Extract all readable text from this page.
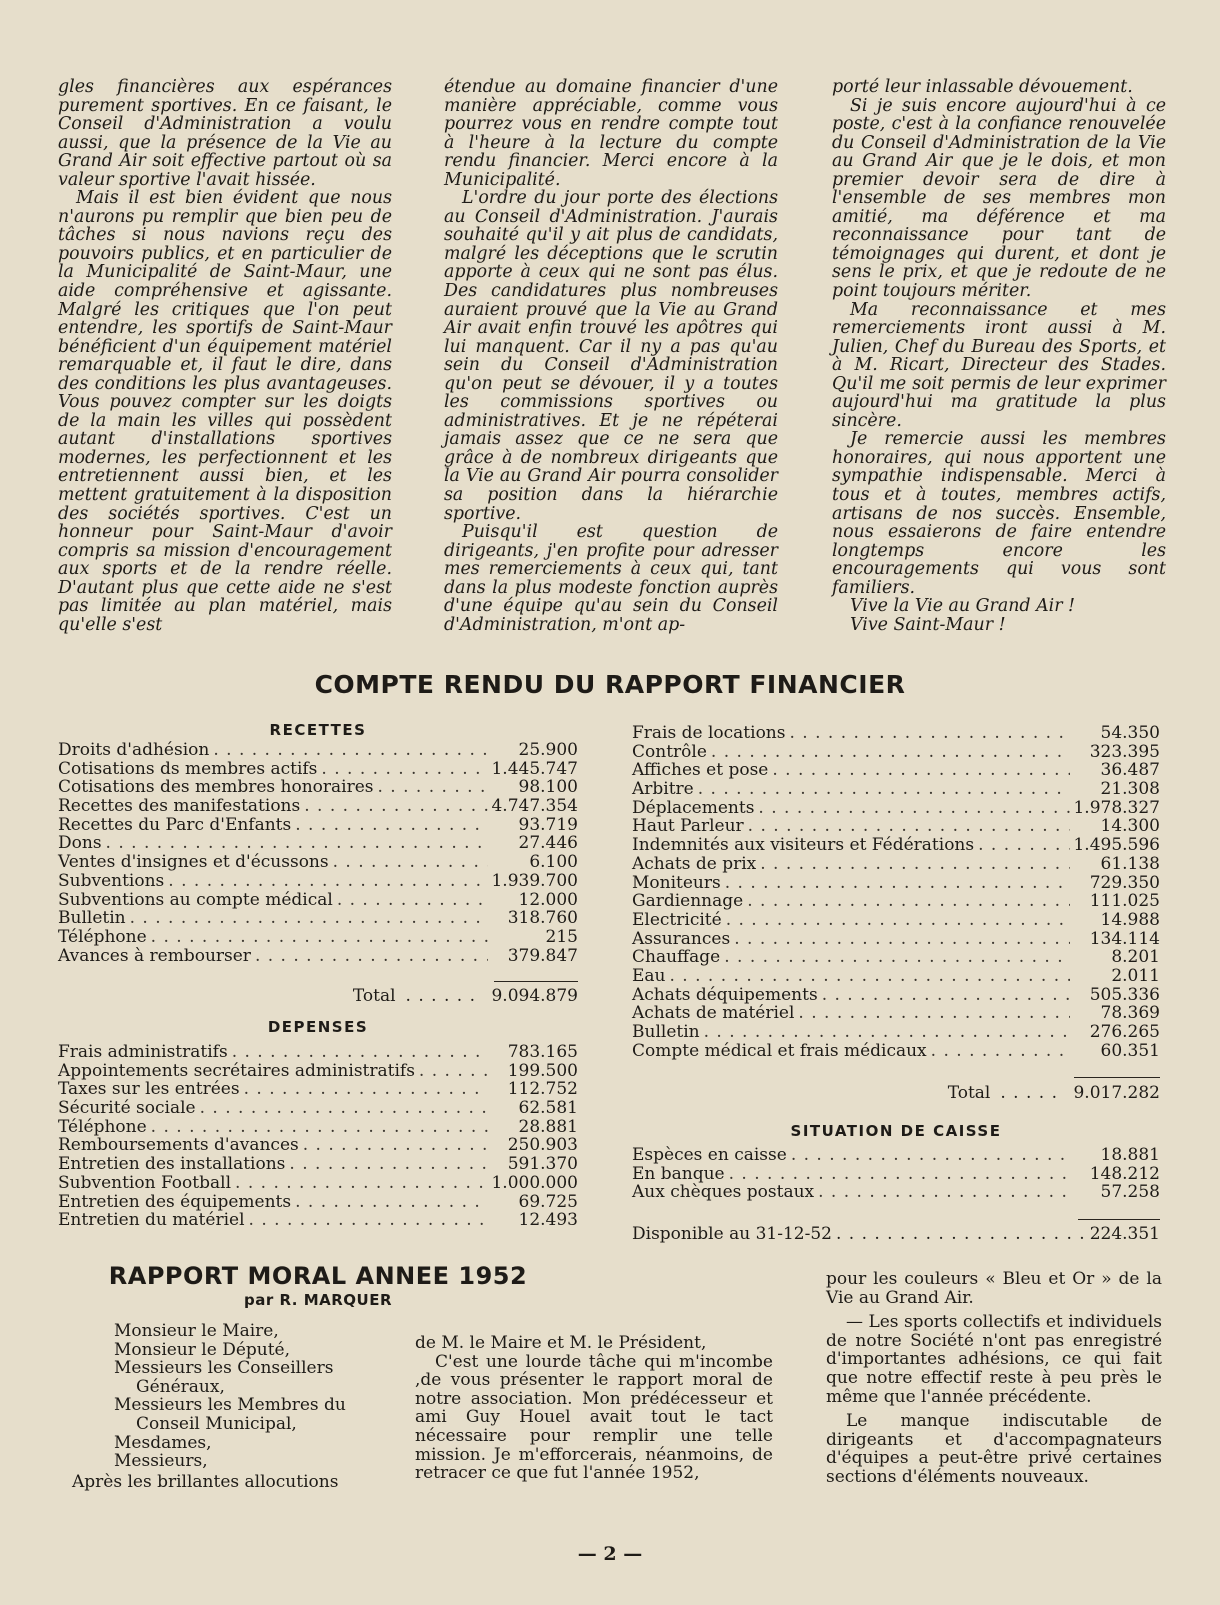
gles financières aux espérances purement sportives. En ce faisant, le Conseil d'Administration a voulu aussi, que la présence de la Vie au Grand Air soit effective partout où sa valeur sportive l'avait hissée.
Mais il est bien évident que nous n'aurons pu remplir que bien peu de tâches si nous navions reçu des pouvoirs publics, et en particulier de la Municipalité de Saint-Maur, une aide compréhensive et agissante. Malgré les critiques que l'on peut entendre, les sportifs de Saint-Maur bénéficient d'un équipement matériel remarquable et, il faut le dire, dans des conditions les plus avantageuses. Vous pouvez compter sur les doigts de la main les villes qui possèdent autant d'installations sportives modernes, les perfectionnent et les entretiennent aussi bien, et les mettent gratuitement à la disposition des sociétés sportives. C'est un honneur pour Saint-Maur d'avoir compris sa mission d'encouragement aux sports et de la rendre réelle. D'autant plus que cette aide ne s'est pas limitée au plan matériel, mais qu'elle s'est

étendue au domaine financier d'une manière appréciable, comme vous pourrez vous en rendre compte tout à l'heure à la lecture du compte rendu financier. Merci encore à la Municipalité.
L'ordre du jour porte des élections au Conseil d'Administration. J'aurais souhaité qu'il y ait plus de candidats, malgré les déceptions que le scrutin apporte à ceux qui ne sont pas élus. Des candidatures plus nombreuses auraient prouvé que la Vie au Grand Air avait enfin trouvé les apôtres qui lui manquent. Car il ny a pas qu'au sein du Conseil d'Administration qu'on peut se dévouer, il y a toutes les commissions sportives ou administratives. Et je ne répéterai jamais assez que ce ne sera que grâce à de nombreux dirigeants que la Vie au Grand Air pourra consolider sa position dans la hiérarchie sportive.
Puisqu'il est question de dirigeants, j'en profite pour adresser mes remerciements à ceux qui, tant dans la plus modeste fonction auprès d'une équipe qu'au sein du Conseil d'Administration, m'ont ap-

porté leur inlassable dévouement.
Si je suis encore aujourd'hui à ce poste, c'est à la confiance renouvelée du Conseil d'Administration de la Vie au Grand Air que je le dois, et mon premier devoir sera de dire à l'ensemble de ses membres mon amitié, ma déférence et ma reconnaissance pour tant de témoignages qui durent, et dont je sens le prix, et que je redoute de ne point toujours mériter.
Ma reconnaissance et mes remerciements iront aussi à M. Julien, Chef du Bureau des Sports, et à M. Ricart, Directeur des Stades. Qu'il me soit permis de leur exprimer aujourd'hui ma gratitude la plus sincère.
Je remercie aussi les membres honoraires, qui nous apportent une sympathie indispensable. Merci à tous et à toutes, membres actifs, artisans de nos succès. Ensemble, nous essaierons de faire entendre longtemps encore les encouragements qui vous sont familiers.
Vive la Vie au Grand Air !
Vive Saint-Maur !

COMPTE RENDU DU RAPPORT FINANCIER
RECETTES
Droits d'adhésion . . .	25.900
Cotisations ds membres actifs . . .	1.445.747
Cotisations des membres honoraires . . .	98.100
Recettes des manifestations . . .	4.747.354
Recettes du Parc d'Enfants . . .	93.719
Dons . . .	27.446
Ventes d'insignes et d'écussons . . .	6.100
Subventions . . .	1.939.700
Subventions au compte médical . . .	12.000
Bulletin . . .	318.760
Téléphone . . .	215
Avances à rembourser . . .	379.847
Total . . . . . . 9.094.879
DEPENSES
Frais administratifs . . .	783.165
Appointements secrétaires administratifs . . .	199.500
Taxes sur les entrées . . .	112.752
Sécurité sociale . . .	62.581
Téléphone . . .	28.881
Remboursements d'avances . . .	250.903
Entretien des installations . . .	591.370
Subvention Football . . .	1.000.000
Entretien des équipements . . .	69.725
Entretien du matériel . . .	12.493
Frais de locations . . .	54.350
Contrôle . . .	323.395
Affiches et pose . . .	36.487
Arbitre . . .	21.308
Déplacements . . .	1.978.327
Haut Parleur . . .	14.300
Indemnités aux visiteurs et Fédérations . . .	1.495.596
Achats de prix . . .	61.138
Moniteurs . . .	729.350
Gardiennage . . .	111.025
Electricité . . .	14.988
Assurances . . .	134.114
Chauffage . . .	8.201
Eau . . .	2.011
Achats déquipements . . .	505.336
Achats de matériel . . .	78.369
Bulletin . . .	276.265
Compte médical et frais médicaux . . .	60.351
Total . . . . . 9.017.282
SITUATION DE CAISSE
Espèces en caisse . . .	18.881
En banque . . .	148.212
Aux chèques postaux . . .	57.258
Disponible au 31-12-52 . . .	224.351
RAPPORT MORAL ANNEE 1952
par R. MARQUER
Monsieur le Maire,
Monsieur le Député,

Messieurs les Conseillers Généraux,
Messieurs les Membres du Conseil Municipal,
Mesdames,
Messieurs,
Après les brillantes allocutions
de M. le Maire et M. le Président,
C'est une lourde tâche qui m'incombe ,de vous présenter le rapport moral de notre association. Mon prédécesseur et ami Guy Houel avait tout le tact nécessaire pour remplir une telle mission. Je m'efforcerais, néanmoins, de retracer ce que fut l'année 1952,
pour les couleurs « Bleu et Or » de la Vie au Grand Air.
— Les sports collectifs et individuels de notre Société n'ont pas enregistré d'importantes adhésions, ce qui fait que notre effectif reste à peu près le même que l'année précédente.
Le manque indiscutable de dirigeants et d'accompagnateurs d'équipes a peut-être privé certaines sections d'éléments nouveaux.
— 2 —
